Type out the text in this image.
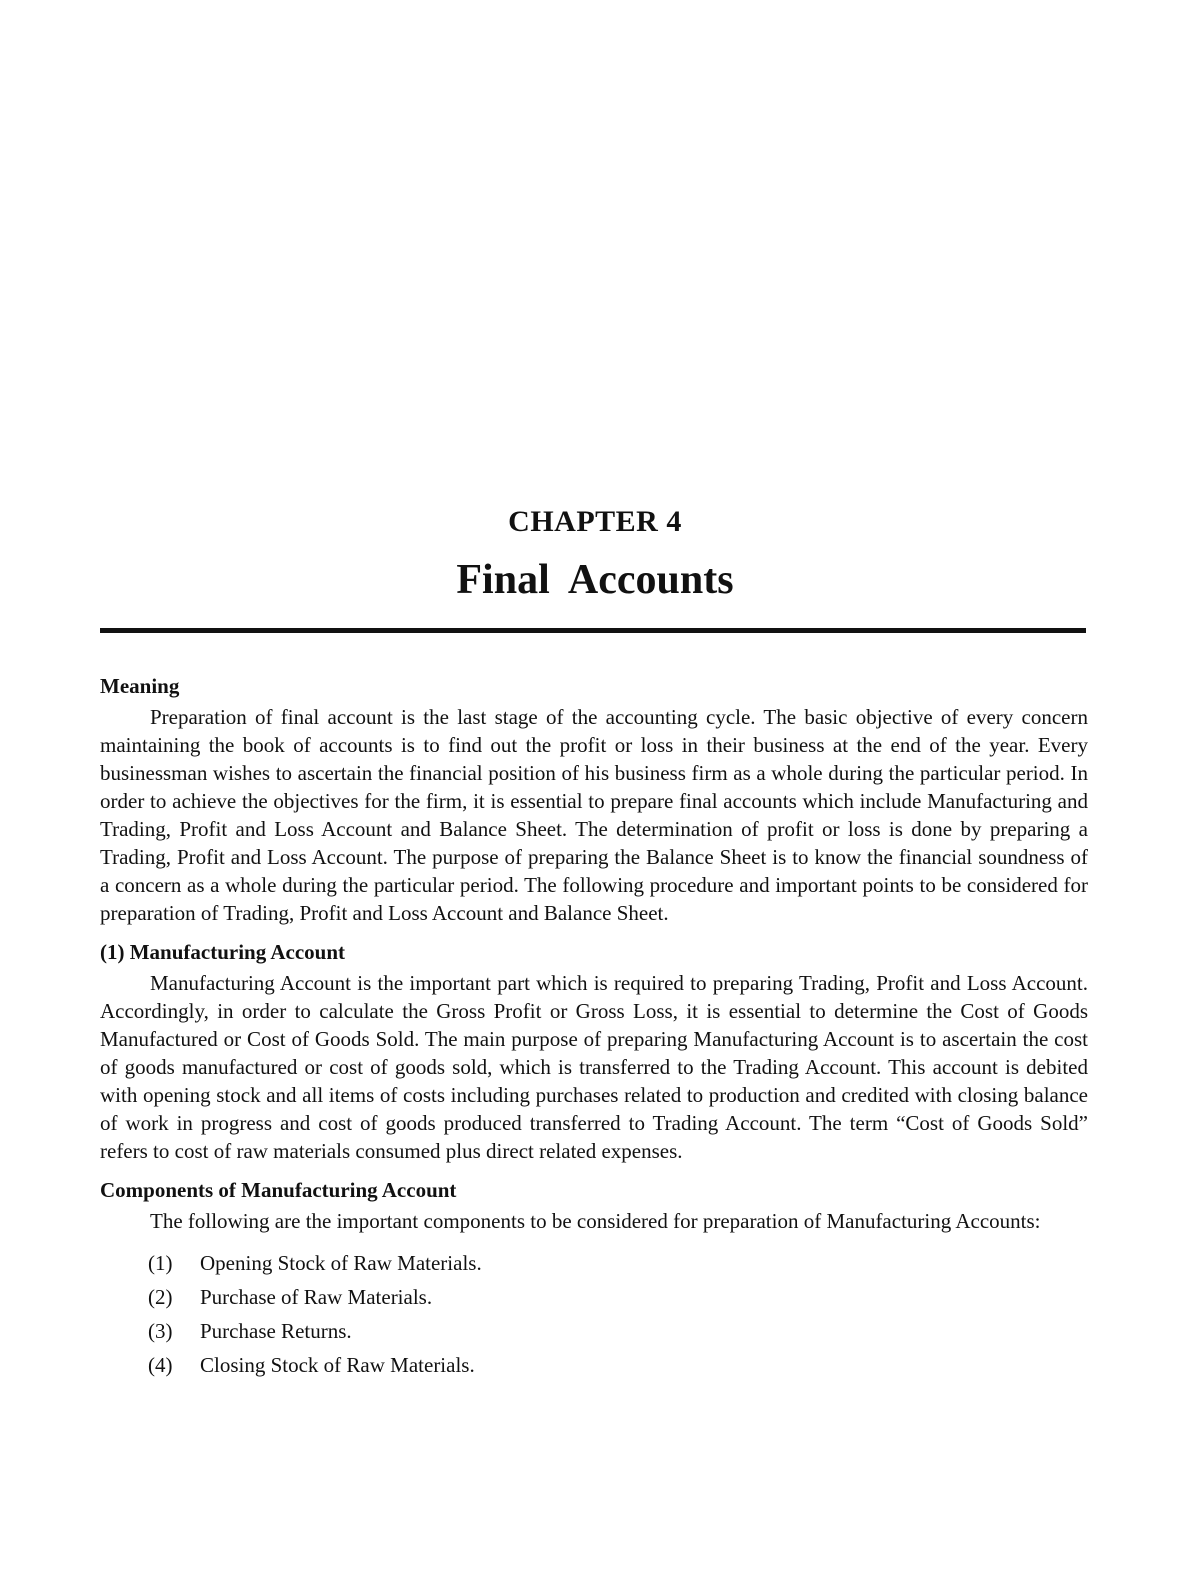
CHAPTER 4
Final Accounts

Meaning

Preparation of final account is the last stage of the accounting cycle. The basic objective of every concern maintaining the book of accounts is to find out the profit or loss in their business at the end of the year. Every businessman wishes to ascertain the financial position of his business firm as a whole during the particular period. In order to achieve the objectives for the firm, it is essential to prepare final accounts which include Manufacturing and Trading, Profit and Loss Account and Balance Sheet. The determination of profit or loss is done by preparing a Trading, Profit and Loss Account. The purpose of preparing the Balance Sheet is to know the financial soundness of a concern as a whole during the particular period. The following procedure and important points to be considered for preparation of Trading, Profit and Loss Account and Balance Sheet.

(1) Manufacturing Account

Manufacturing Account is the important part which is required to preparing Trading, Profit and Loss Account. Accordingly, in order to calculate the Gross Profit or Gross Loss, it is essential to determine the Cost of Goods Manufactured or Cost of Goods Sold. The main purpose of preparing Manufacturing Account is to ascertain the cost of goods manufactured or cost of goods sold, which is transferred to the Trading Account. This account is debited with opening stock and all items of costs including purchases related to production and credited with closing balance of work in progress and cost of goods produced transferred to Trading Account. The term “Cost of Goods Sold” refers to cost of raw materials consumed plus direct related expenses.

Components of Manufacturing Account

The following are the important components to be considered for preparation of Manufacturing Accounts:

(1)	Opening Stock of Raw Materials.
(2)	Purchase of Raw Materials.
(3)	Purchase Returns.
(4)	Closing Stock of Raw Materials.
